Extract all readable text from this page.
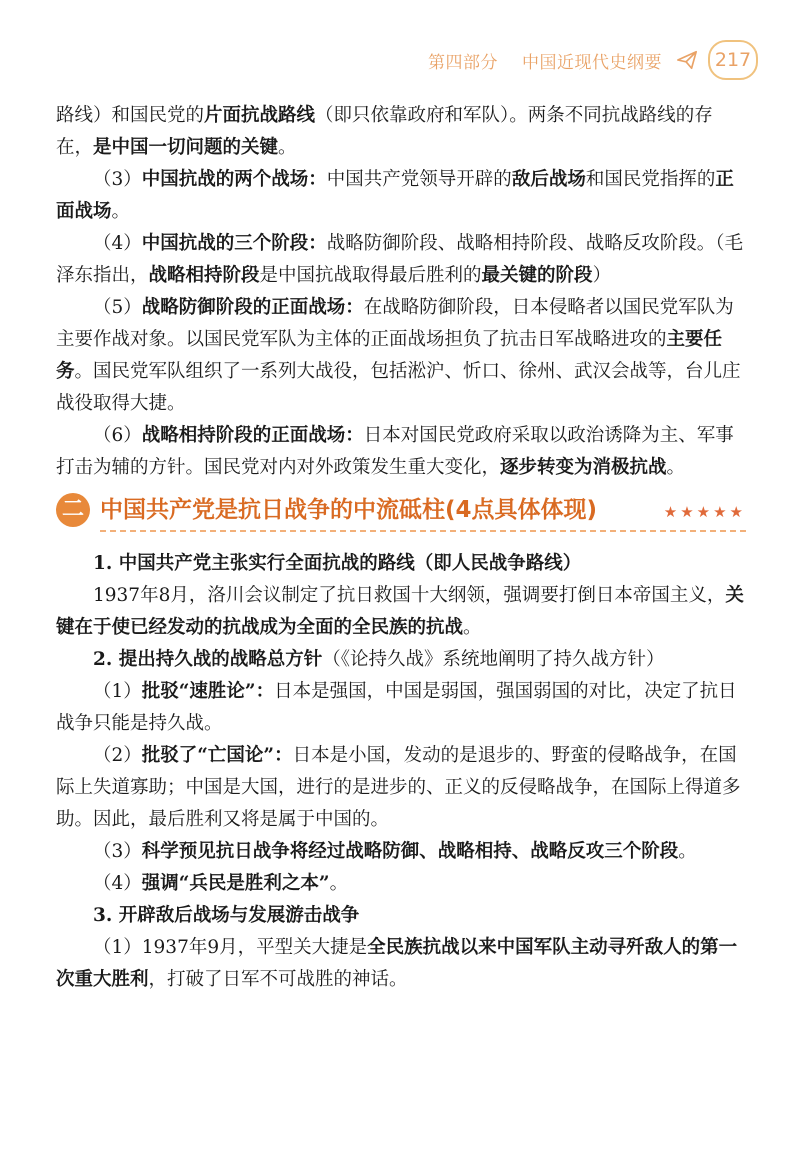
第四部分 中国近现代史纲要	217

路线）和国民党的片面抗战路线（即只依靠政府和军队）。两条不同抗战路线的存在，是中国一切问题的关键。

（3）中国抗战的两个战场：中国共产党领导开辟的敌后战场和国民党指挥的正面战场。

（4）中国抗战的三个阶段：战略防御阶段、战略相持阶段、战略反攻阶段。（毛泽东指出，战略相持阶段是中国抗战取得最后胜利的最关键的阶段）

（5）战略防御阶段的正面战场：在战略防御阶段，日本侵略者以国民党军队为主要作战对象。以国民党军队为主体的正面战场担负了抗击日军战略进攻的主要任务。国民党军队组织了一系列大战役，包括淞沪、忻口、徐州、武汉会战等，台儿庄战役取得大捷。

（6）战略相持阶段的正面战场：日本对国民党政府采取以政治诱降为主、军事打击为辅的方针。国民党对内对外政策发生重大变化，逐步转变为消极抗战。

二 中国共产党是抗日战争的中流砥柱(4点具体体现)	★★★★★

1. 中国共产党主张实行全面抗战的路线（即人民战争路线）

1937年8月，洛川会议制定了抗日救国十大纲领，强调要打倒日本帝国主义，关键在于使已经发动的抗战成为全面的全民族的抗战。

2. 提出持久战的战略总方针（《论持久战》系统地阐明了持久战方针）

（1）批驳“速胜论”：日本是强国，中国是弱国，强国弱国的对比，决定了抗日战争只能是持久战。

（2）批驳了“亡国论”：日本是小国，发动的是退步的、野蛮的侵略战争，在国际上失道寡助；中国是大国，进行的是进步的、正义的反侵略战争，在国际上得道多助。因此，最后胜利又将是属于中国的。

（3）科学预见抗日战争将经过战略防御、战略相持、战略反攻三个阶段。

（4）强调“兵民是胜利之本”。

3. 开辟敌后战场与发展游击战争

（1）1937年9月，平型关大捷是全民族抗战以来中国军队主动寻歼敌人的第一次重大胜利，打破了日军不可战胜的神话。
